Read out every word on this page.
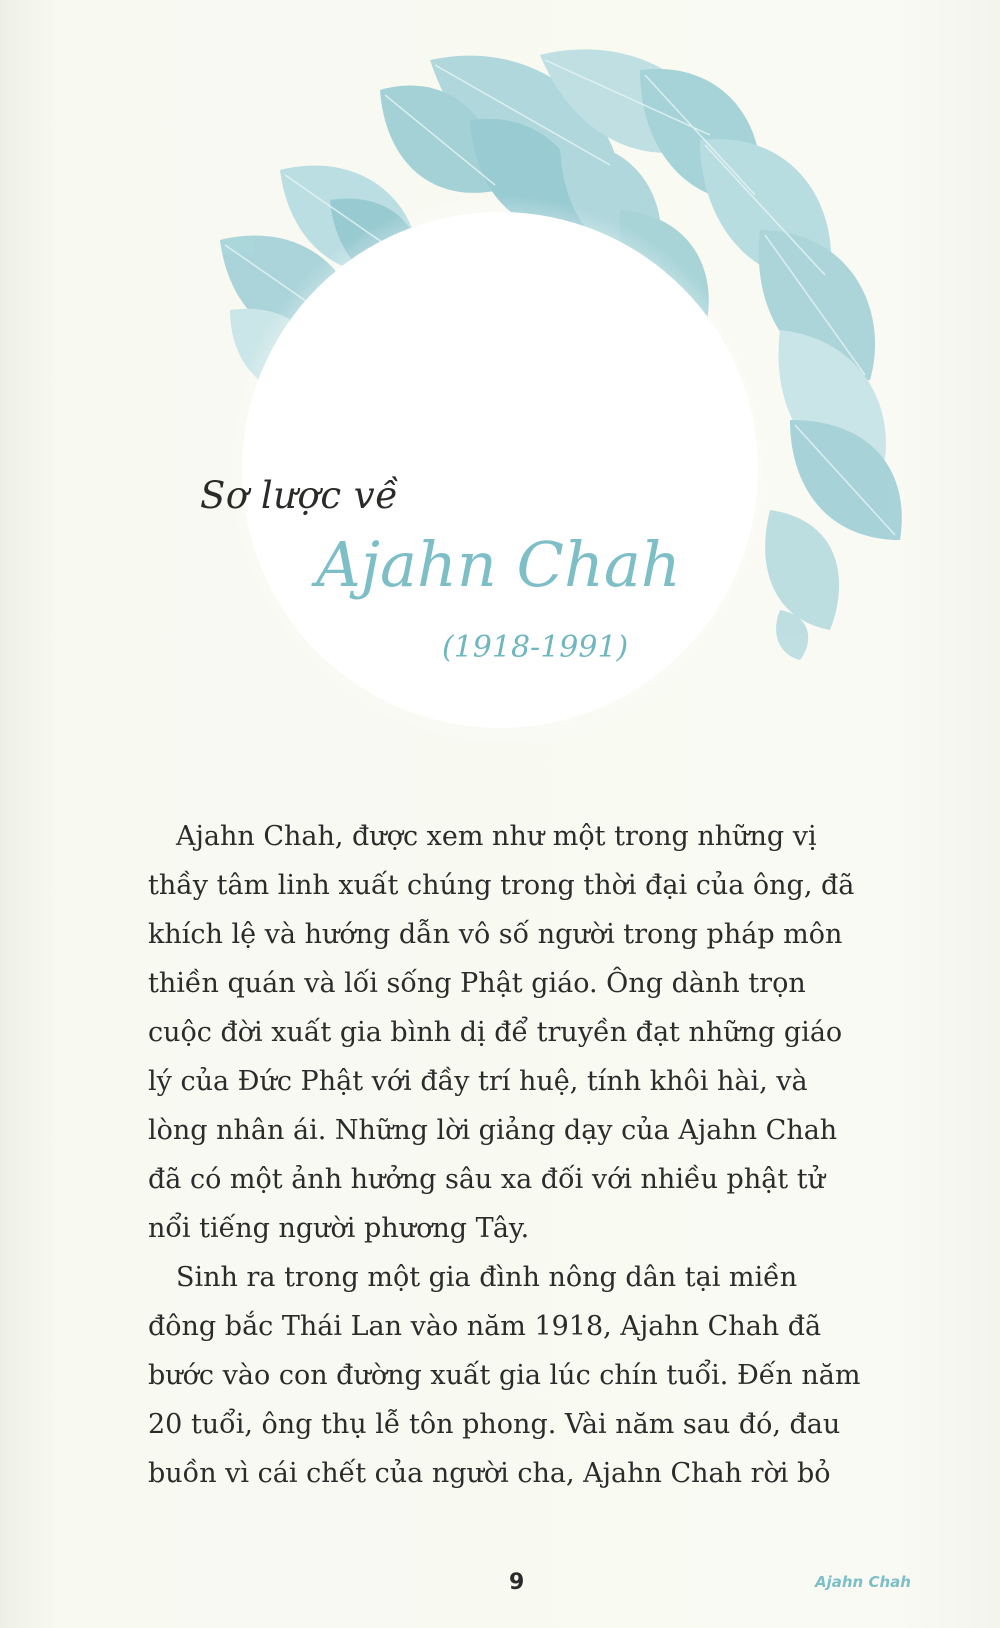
Sơ lược về
Ajahn Chah
(1918-1991)

Ajahn Chah, được xem như một trong những vị
thầy tâm linh xuất chúng trong thời đại của ông, đã
khích lệ và hướng dẫn vô số người trong pháp môn
thiền quán và lối sống Phật giáo. Ông dành trọn
cuộc đời xuất gia bình dị để truyền đạt những giáo
lý của Đức Phật với đầy trí huệ, tính khôi hài, và
lòng nhân ái. Những lời giảng dạy của Ajahn Chah
đã có một ảnh hưởng sâu xa đối với nhiều phật tử
nổi tiếng người phương Tây.

Sinh ra trong một gia đình nông dân tại miền
đông bắc Thái Lan vào năm 1918, Ajahn Chah đã
bước vào con đường xuất gia lúc chín tuổi. Đến năm
20 tuổi, ông thụ lễ tôn phong. Vài năm sau đó, đau
buồn vì cái chết của người cha, Ajahn Chah rời bỏ

9	Ajahn Chah
